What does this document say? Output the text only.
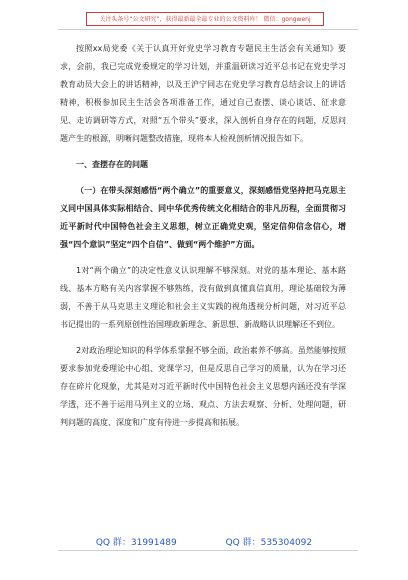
关注头条号“公文研究”，获得最新最全最专业的公文资料库！ 微信：gongwenj

按照xx局党委《关于认真开好党史学习教育专题民主生活会有关通知》要求，会前，我已完成党委规定的学习计划，并重温研读习近平总书记在党史学习教育动员大会上的讲话精神，以及王沪宁同志在党史学习教育总结会议上的讲话精神，积极参加民主生活会各项准备工作，通过自己查摆、谈心谈话、征求意见、走访调研等方式，对照“五个带头”要求，深入剖析自身存在的问题，反思问题产生的根源，明晰问题整改措施，现将本人检视剖析情况报告如下。

一、查摆存在的问题

（一）在带头深刻感悟“两个确立”的重要意义，深刻感悟党坚持把马克思主义同中国具体实际相结合、同中华优秀传统文化相结合的非凡历程，全面贯彻习近平新时代中国特色社会主义思想，树立正确党史观，坚定信仰信念信心，增强“四个意识”坚定“四个自信”、做到“两个维护”方面。

1对“两个确立”的决定性意义认识理解不够深刻。对党的基本理论、基本路线、基本方略有关内容掌握不够熟练，没有做到真懂真信真用，理论基础较为薄弱，不善于从马克思主义理论和社会主义实践的视角透视分析问题，对习近平总书记提出的一系列原创性治国理政新理念、新思想、新战略认识理解还不到位。

2对政治理论知识的科学体系掌握不够全面，政治素养不够高。虽然能够按照要求参加党委理论中心组、党课学习，但是反思自己学习的质量，认为在学习还存在碎片化现象，尤其是对习近平新时代中国特色社会主义思想内涵还没有学深学透，还不善于运用马列主义的立场、观点、方法去观察、分析、处理问题，研判问题的高度、深度和广度有待进一步提高和拓展。

QQ 群：31991489	QQ 群：535304092
